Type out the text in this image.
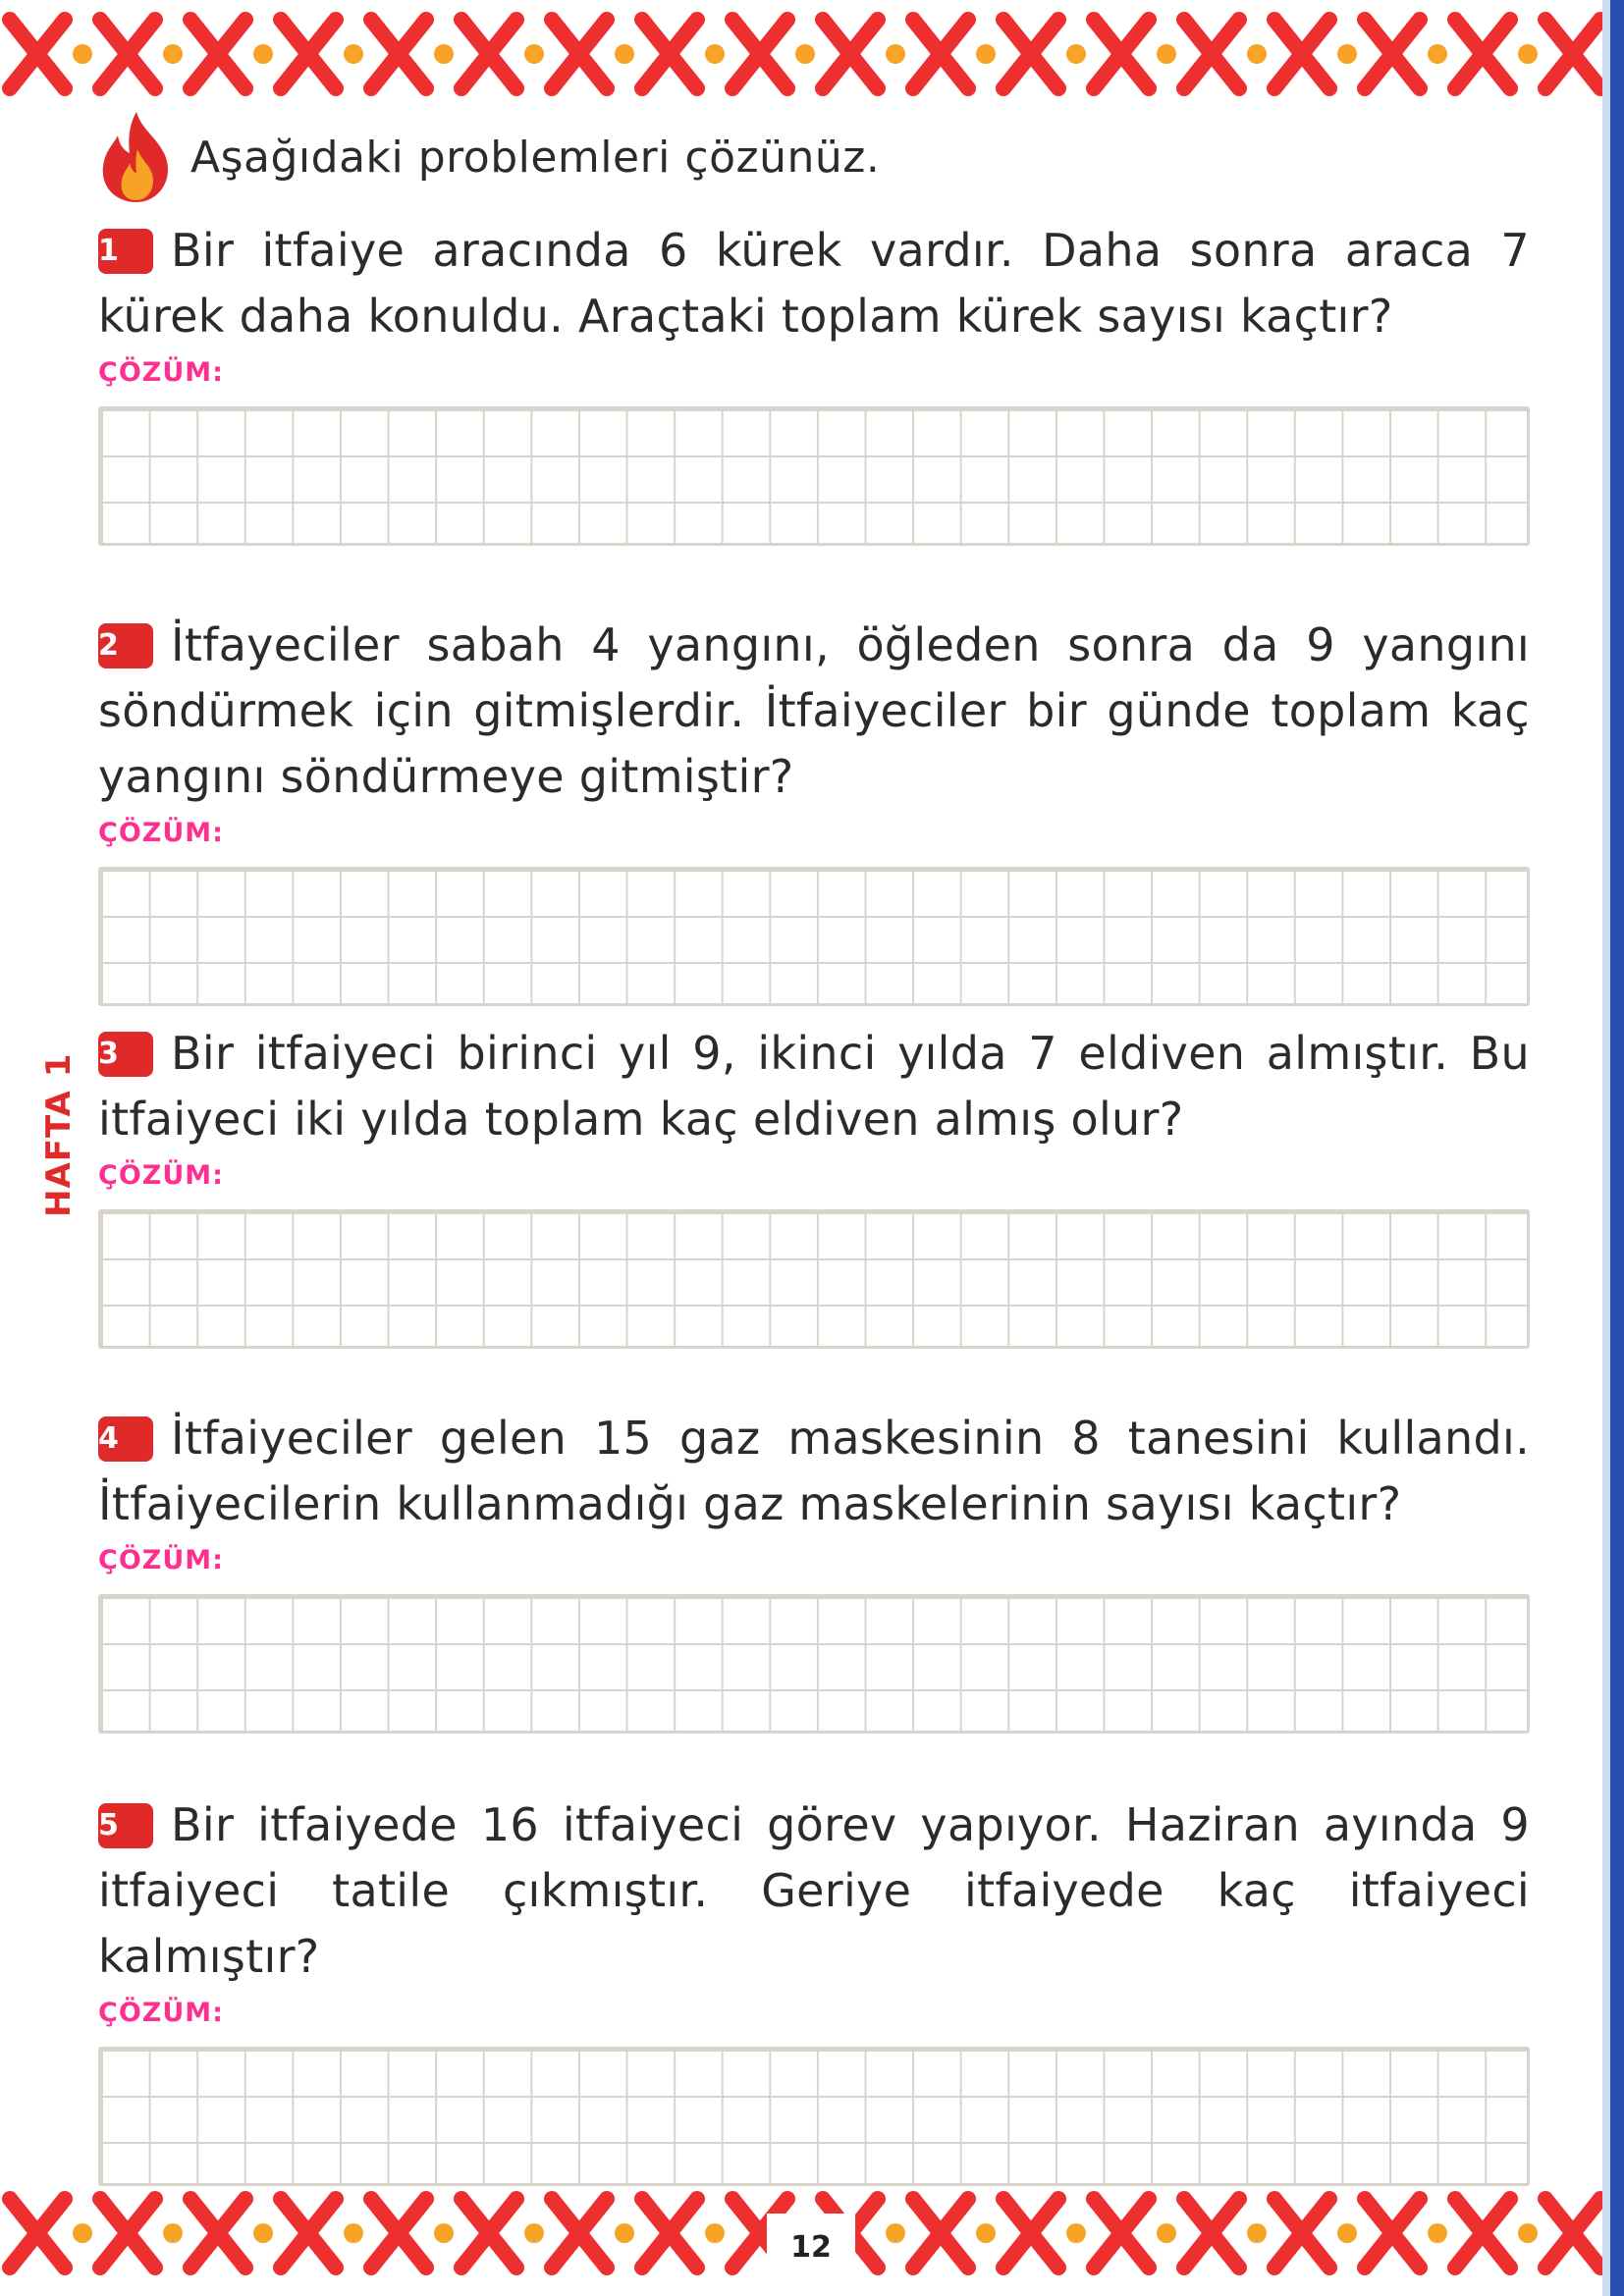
Aşağıdaki problemleri çözünüz.

1 Bir itfaiye aracında 6 kürek vardır. Daha sonra araca 7 kürek daha konuldu. Araçtaki toplam kürek sayısı kaçtır?

ÇÖZÜM:

2 İtfayeciler sabah 4 yangını, öğleden sonra da 9 yangını söndürmek için gitmişlerdir. İtfaiyeciler bir günde toplam kaç yangını söndürmeye gitmiştir?

ÇÖZÜM:

3 Bir itfaiyeci birinci yıl 9, ikinci yılda 7 eldiven almıştır. Bu itfaiyeci iki yılda toplam kaç eldiven almış olur?

ÇÖZÜM:

4 İtfaiyeciler gelen 15 gaz maskesinin 8 tanesini kullandı. İtfaiyecilerin kullanmadığı gaz maskelerinin sayısı kaçtır?

ÇÖZÜM:

5 Bir itfaiyede 16 itfaiyeci görev yapıyor. Haziran ayında 9 itfaiyeci tatile çıkmıştır. Geriye itfaiyede kaç itfaiyeci kalmıştır?

ÇÖZÜM:
HAFTA 1
12
